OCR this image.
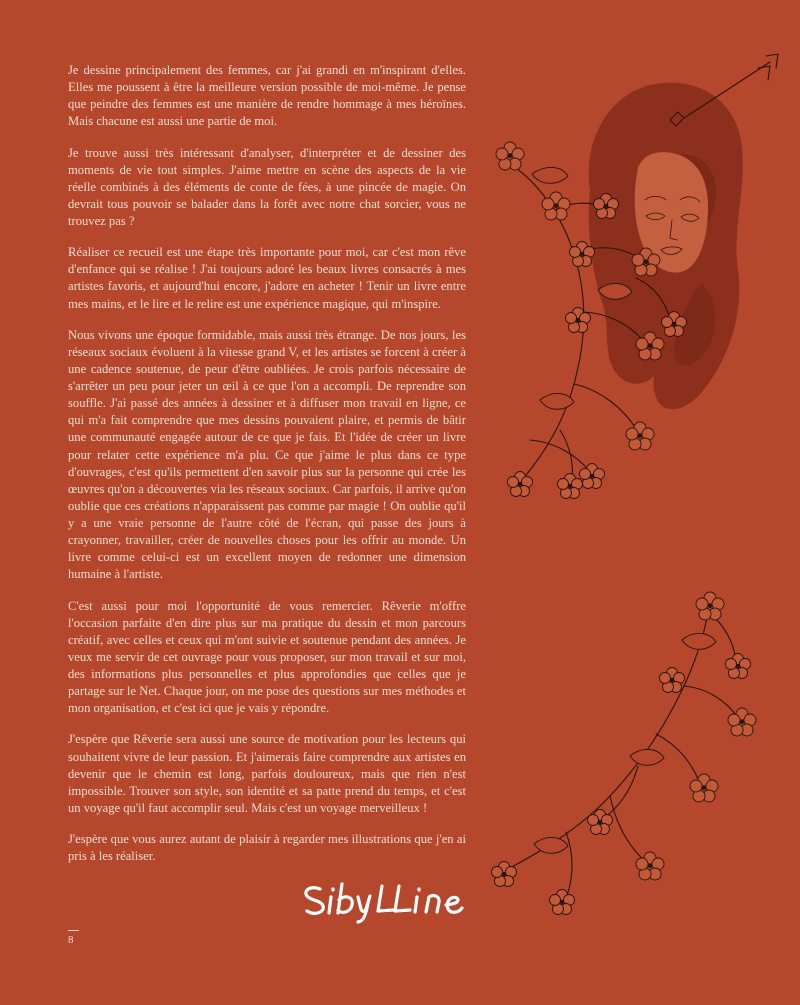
Je dessine principalement des femmes, car j'ai grandi en m'inspirant d'elles. Elles me poussent à être la meilleure version possible de moi-même. Je pense que peindre des femmes est une manière de rendre hommage à mes héroïnes. Mais chacune est aussi une partie de moi.

Je trouve aussi très intéressant d'analyser, d'interpréter et de dessiner des moments de vie tout simples. J'aime mettre en scène des aspects de la vie réelle combinés à des éléments de conte de fées, à une pincée de magie. On devrait tous pouvoir se balader dans la forêt avec notre chat sorcier, vous ne trouvez pas ?

Réaliser ce recueil est une étape très importante pour moi, car c'est mon rêve d'enfance qui se réalise ! J'ai toujours adoré les beaux livres consacrés à mes artistes favoris, et aujourd'hui encore, j'adore en acheter ! Tenir un livre entre mes mains, et le lire et le relire est une expérience magique, qui m'inspire.

Nous vivons une époque formidable, mais aussi très étrange. De nos jours, les réseaux sociaux évoluent à la vitesse grand V, et les artistes se forcent à créer à une cadence soutenue, de peur d'être oubliées. Je crois parfois nécessaire de s'arrêter un peu pour jeter un œil à ce que l'on a accompli. De reprendre son souffle. J'ai passé des années à dessiner et à diffuser mon travail en ligne, ce qui m'a fait comprendre que mes dessins pouvaient plaire, et permis de bâtir une communauté engagée autour de ce que je fais. Et l'idée de créer un livre pour relater cette expérience m'a plu. Ce que j'aime le plus dans ce type d'ouvrages, c'est qu'ils permettent d'en savoir plus sur la personne qui crée les œuvres qu'on a découvertes via les réseaux sociaux. Car parfois, il arrive qu'on oublie que ces créations n'apparaissent pas comme par magie ! On oublie qu'il y a une vraie personne de l'autre côté de l'écran, qui passe des jours à crayonner, travailler, créer de nouvelles choses pour les offrir au monde. Un livre comme celui-ci est un excellent moyen de redonner une dimension humaine à l'artiste.

C'est aussi pour moi l'opportunité de vous remercier. Rêverie m'offre l'occasion parfaite d'en dire plus sur ma pratique du dessin et mon parcours créatif, avec celles et ceux qui m'ont suivie et soutenue pendant des années. Je veux me servir de cet ouvrage pour vous proposer, sur mon travail et sur moi, des informations plus personnelles et plus approfondies que celles que je partage sur le Net. Chaque jour, on me pose des questions sur mes méthodes et mon organisation, et c'est ici que je vais y répondre.

J'espère que Rêverie sera aussi une source de motivation pour les lecteurs qui souhaitent vivre de leur passion. Et j'aimerais faire comprendre aux artistes en devenir que le chemin est long, parfois douloureux, mais que rien n'est impossible. Trouver son style, son identité et sa patte prend du temps, et c'est un voyage qu'il faut accomplir seul. Mais c'est un voyage merveilleux !

J'espère que vous aurez autant de plaisir à regarder mes illustrations que j'en ai pris à les réaliser.

8
